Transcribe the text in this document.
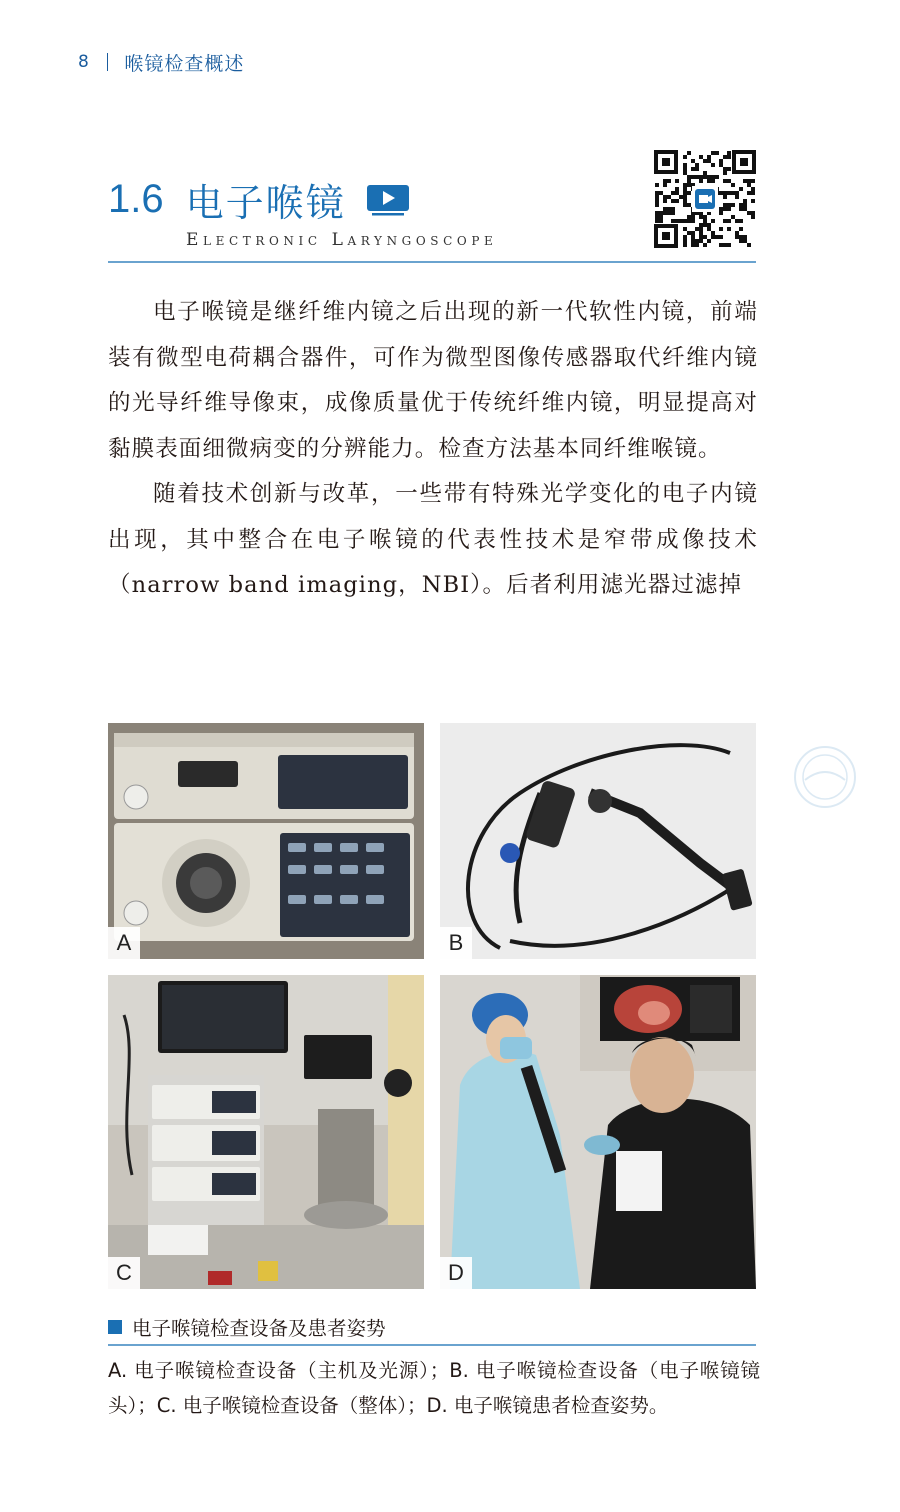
8 喉镜检查概述
1.6 电子喉镜
Electronic Laryngoscope

电子喉镜是继纤维内镜之后出现的新一代软性内镜，前端装有微型电荷耦合器件，可作为微型图像传感器取代纤维内镜的光导纤维导像束，成像质量优于传统纤维内镜，明显提高对黏膜表面细微病变的分辨能力。检查方法基本同纤维喉镜。

随着技术创新与改革，一些带有特殊光学变化的电子内镜出现，其中整合在电子喉镜的代表性技术是窄带成像技术（narrow band imaging，NBI）。后者利用滤光器过滤掉

A	B
C	D
电子喉镜检查设备及患者姿势
A. 电子喉镜检查设备（主机及光源）；B. 电子喉镜检查设备（电子喉镜镜头）；C. 电子喉镜检查设备（整体）；D. 电子喉镜患者检查姿势。
